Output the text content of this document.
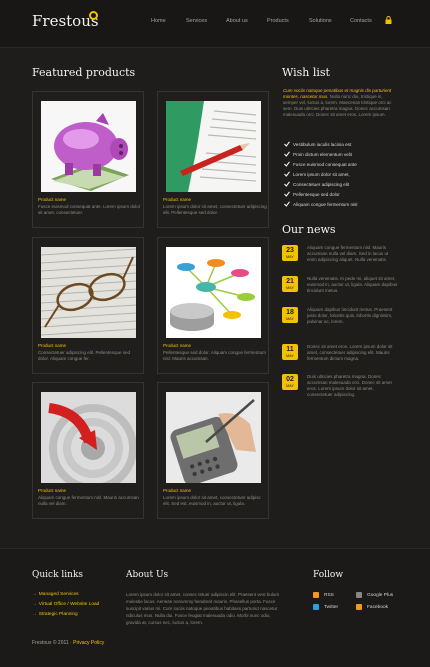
Frestous	Home	Services	About us	Products	Solutions	Contacts
Featured products
Product name
Fusce euismod consequat ante. Lorem ipsum dolor sit amet, consectetuer.
Product name
Lorem ipsum dolor sit amet, consectetuer adipiscing elit. Pellentesque sed dolor.
Product name
Consectetuer adipiscing elit. Pellentesque sed dolor. Aliquam congue fer.
Product name
Pellentesque sed dolor. Aliquam congue fermentum nisl. Mauris accumsan.
Product name
Aliquam congue fermentum nisl. Mauris accumsan nulla vel diam.
Product name
Lorem ipsum dolor sit amet, consectetuer adipisc elit. Sed est, euismod in, auctor ut, ligula.
Wish list
Cum sociis natoque penatibus et magnis dis parturient montes, nascetur mus. Nulla nunc dui, tristique in, semper vel, luctus a, lorem. Maecenas tristique orci ac sem. Duis ultricies pharetra magna. Donec accumsan malesuada orci. Donec sit amet eros. Lorem ipsum.
Vestibulum iaculis lacinia est
Proin dictum elementum velit
Fusce euismod consequat ante
Lorem ipsum dolor sit amet,
Consectetuer adipiscing elit
Pellentesque sed dolor
Aliquam congue fermentum nisl
Our news
23
MAY
Aliquam congue fermentum nisl. Mauris accumsan nulla vel diam. Sed in lacus ut enim adipiscing aliquet. Nulla venenatis.
21
MAY
Nulla venenatis. In pede mi, aliquet sit amet, euismod in, auctor ut, ligula. Aliquam dapibus tincidunt metus.
18
MAY
Aliquam dapibus tincidunt metus. Praesent justo dolor, lobortis quis, lobortis dignissim, pulvinar ac, lorem.
11
MAY
Donec sit amet eros. Lorem ipsum dolor sit amet, consectetuer adipiscing elit. Mauris fermentum dictum magna.
02
MAY
Duis ultricies pharetra magna. Donec accumsan malesuada orci. Donec sit amet eros. Lorem ipsum dolor sit amet, consectetuer adipiscing.
Quick links
→ Managed Services
→ Virtual Office / Website Load
→ Strategic Planning
About Us
Lorem ipsum dolor sit amet, consec tetuer adipiscin elit. Praesent vest bulum molestie lacus. Aenean nonummy hendrerit mauris. Phasellus porta. Fusce suscipit varius mi. Cum sociis natoque penatibus habitass parturiut nascetur ridiculus mus. Nulla dui. Fusce feugiat malesuada odio. Morbi nunc odio, gravida at, cursus nec, luctus a, lorem.
Follow
RSS	Google Plus
Twitter	Facebook
Frestous © 2011 · Privacy Policy
